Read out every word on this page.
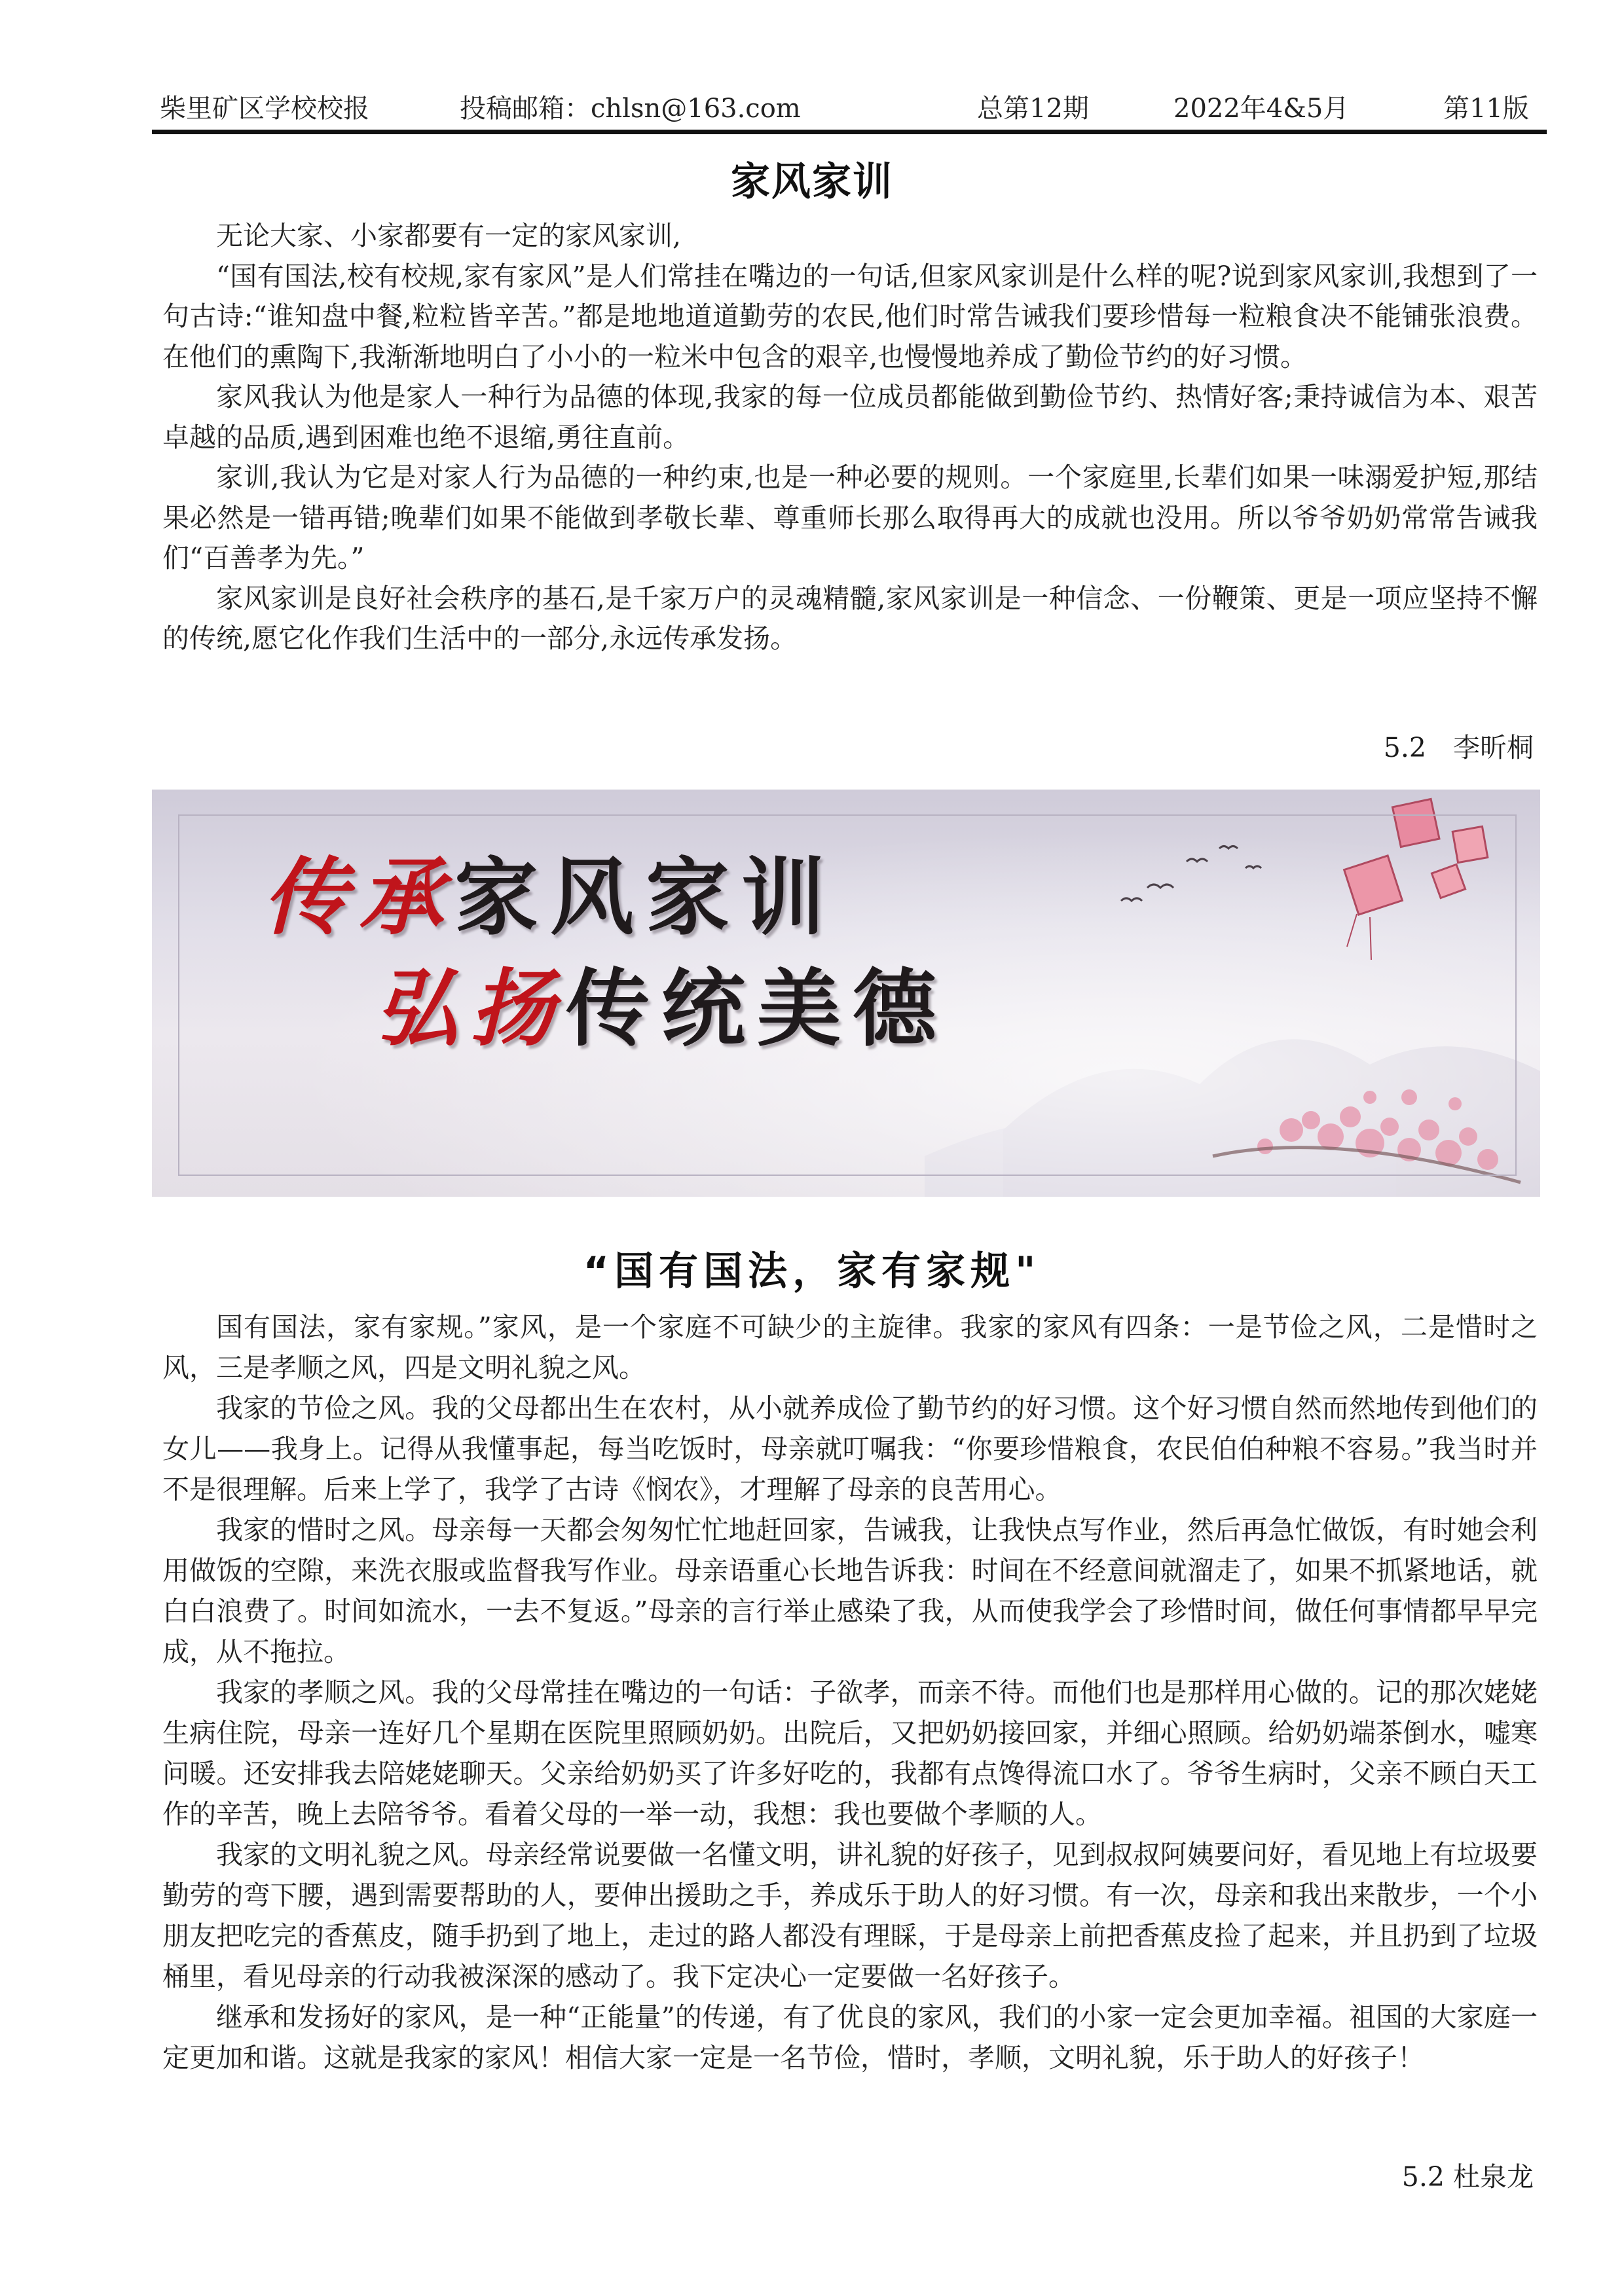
柴里矿区学校校报	投稿邮箱：chlsn@163.com	总第12期	2022年4&5月	第11版
家风家训

无论大家、小家都要有一定的家风家训,

“国有国法,校有校规,家有家风”是人们常挂在嘴边的一句话,但家风家训是什么样的呢?说到家风家训,我想到了一句古诗:“谁知盘中餐,粒粒皆辛苦。”都是地地道道勤劳的农民,他们时常告诫我们要珍惜每一粒粮食决不能铺张浪费。在他们的熏陶下,我渐渐地明白了小小的一粒米中包含的艰辛,也慢慢地养成了勤俭节约的好习惯。

家风我认为他是家人一种行为品德的体现,我家的每一位成员都能做到勤俭节约、热情好客;秉持诚信为本、艰苦卓越的品质,遇到困难也绝不退缩,勇往直前。

家训,我认为它是对家人行为品德的一种约束,也是一种必要的规则。一个家庭里,长辈们如果一味溺爱护短,那结果必然是一错再错;晚辈们如果不能做到孝敬长辈、尊重师长那么取得再大的成就也没用。所以爷爷奶奶常常告诫我们“百善孝为先。”

家风家训是良好社会秩序的基石,是千家万户的灵魂精髓,家风家训是一种信念、一份鞭策、更是一项应坚持不懈的传统,愿它化作我们生活中的一部分,永远传承发扬。

5.2　李昕桐
传承家风家训
弘扬传统美德
“国有国法，家有家规"

国有国法，家有家规。”家风，是一个家庭不可缺少的主旋律。我家的家风有四条：一是节俭之风，二是惜时之风，三是孝顺之风，四是文明礼貌之风。

我家的节俭之风。我的父母都出生在农村，从小就养成俭了勤节约的好习惯。这个好习惯自然而然地传到他们的女儿——我身上。记得从我懂事起，每当吃饭时，母亲就叮嘱我：“你要珍惜粮食，农民伯伯种粮不容易。”我当时并不是很理解。后来上学了，我学了古诗《悯农》，才理解了母亲的良苦用心。

我家的惜时之风。母亲每一天都会匆匆忙忙地赶回家，告诫我，让我快点写作业，然后再急忙做饭，有时她会利用做饭的空隙，来洗衣服或监督我写作业。母亲语重心长地告诉我：时间在不经意间就溜走了，如果不抓紧地话，就白白浪费了。时间如流水，一去不复返。”母亲的言行举止感染了我，从而使我学会了珍惜时间，做任何事情都早早完成，从不拖拉。

我家的孝顺之风。我的父母常挂在嘴边的一句话：子欲孝，而亲不待。而他们也是那样用心做的。记的那次姥姥生病住院，母亲一连好几个星期在医院里照顾奶奶。出院后，又把奶奶接回家，并细心照顾。给奶奶端茶倒水，嘘寒问暖。还安排我去陪姥姥聊天。父亲给奶奶买了许多好吃的，我都有点馋得流口水了。爷爷生病时，父亲不顾白天工作的辛苦，晚上去陪爷爷。看着父母的一举一动，我想：我也要做个孝顺的人。

我家的文明礼貌之风。母亲经常说要做一名懂文明，讲礼貌的好孩子，见到叔叔阿姨要问好，看见地上有垃圾要勤劳的弯下腰，遇到需要帮助的人，要伸出援助之手，养成乐于助人的好习惯。有一次，母亲和我出来散步，一个小朋友把吃完的香蕉皮，随手扔到了地上，走过的路人都没有理睬，于是母亲上前把香蕉皮捡了起来，并且扔到了垃圾桶里，看见母亲的行动我被深深的感动了。我下定决心一定要做一名好孩子。

继承和发扬好的家风，是一种“正能量”的传递，有了优良的家风，我们的小家一定会更加幸福。祖国的大家庭一定更加和谐。这就是我家的家风！相信大家一定是一名节俭，惜时，孝顺，文明礼貌，乐于助人的好孩子！

5.2 杜泉龙
